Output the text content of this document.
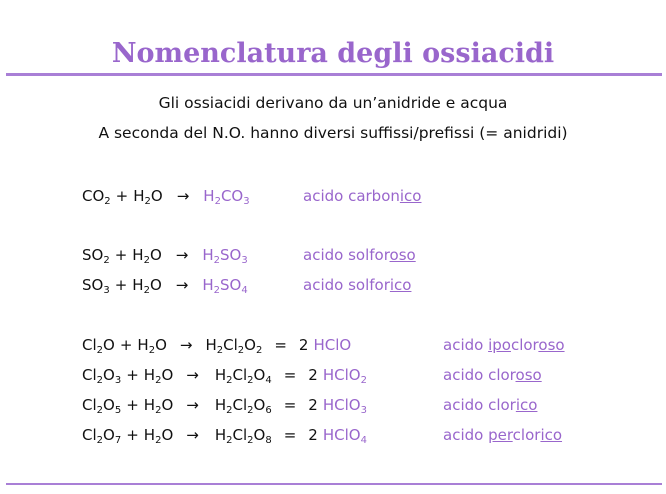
Nomenclatura degli ossiacidi
Gli ossiacidi derivano da un’anidride e acqua
A seconda del N.O. hanno diversi suffissi/prefissi (= anidridi)
$CO_2 + H_2O \to H_2CO_3$	acido carbonico
$SO_2 + H_2O \to H_2SO_3$	acido solforoso
$SO_3 + H_2O \to H_2SO_4$	acido solforico
$Cl_2O + H_2O \to H_2Cl_2O_2 = 2$ HClO	acido ipocloroso
$Cl_2O_3 + H_2O \to H_2Cl_2O_4 = 2$ HClO$_2$	acido cloroso
$Cl_2O_5 + H_2O \to H_2Cl_2O_6 = 2$ HClO$_3$	acido clorico
$Cl_2O_7 + H_2O \to H_2Cl_2O_8 = 2$ HClO$_4$	acido perclorico
